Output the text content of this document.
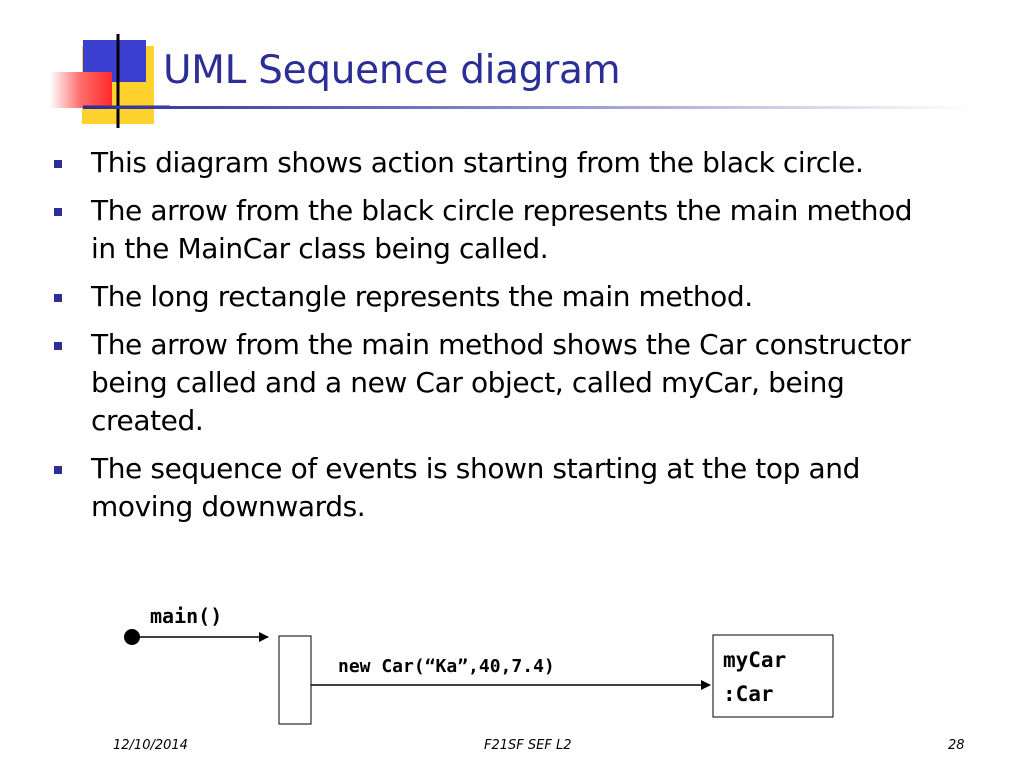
UML Sequence diagram
This diagram shows action starting from the black circle.
The arrow from the black circle represents the main method in the MainCar class being called.
The long rectangle represents the main method.
The arrow from the main method shows the Car constructor being called and a new Car object, called myCar, being created.
The sequence of events is shown starting at the top and moving downwards.
main()
new Car(“Ka”,40,7.4)	myCar
:Car
12/10/2014	F21SF SEF L2	28
